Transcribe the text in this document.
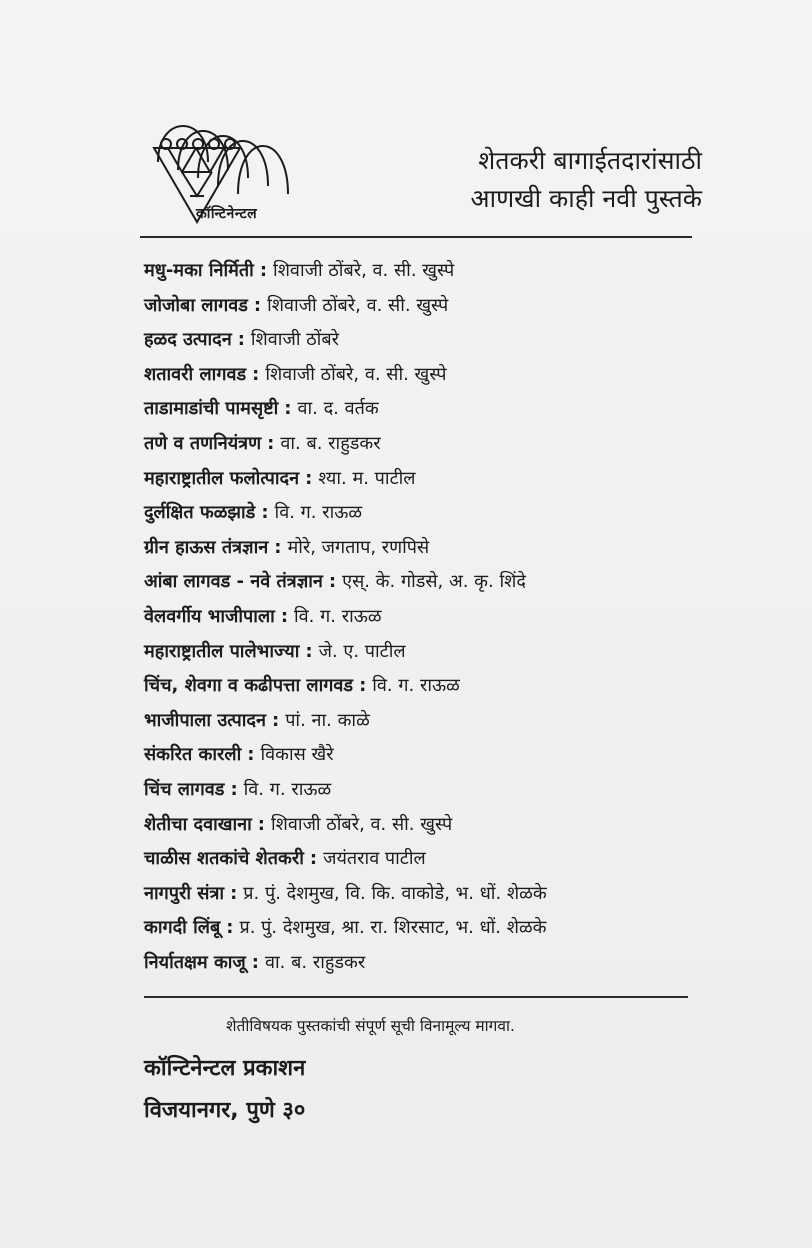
कॉन्टिनेन्टल
शेतकरी बागाईतदारांसाठी
आणखी काही नवी पुस्तके
मधु-मका निर्मिती : शिवाजी ठोंबरे, व. सी. खुस्पे
जोजोबा लागवड : शिवाजी ठोंबरे, व. सी. खुस्पे
हळद उत्पादन : शिवाजी ठोंबरे
शतावरी लागवड : शिवाजी ठोंबरे, व. सी. खुस्पे
ताडामाडांची पामसृष्टी : वा. द. वर्तक
तणे व तणनियंत्रण : वा. ब. राहुडकर
महाराष्ट्रातील फलोत्पादन : श्या. म. पाटील
दुर्लक्षित फळझाडे : वि. ग. राऊळ
ग्रीन हाऊस तंत्रज्ञान : मोरे, जगताप, रणपिसे
आंबा लागवड - नवे तंत्रज्ञान : एस्. के. गोडसे, अ. कृ. शिंदे
वेलवर्गीय भाजीपाला : वि. ग. राऊळ
महाराष्ट्रातील पालेभाज्या : जे. ए. पाटील
चिंच, शेवगा व कढीपत्ता लागवड : वि. ग. राऊळ
भाजीपाला उत्पादन : पां. ना. काळे
संकरित कारली : विकास खैरे
चिंच लागवड : वि. ग. राऊळ
शेतीचा दवाखाना : शिवाजी ठोंबरे, व. सी. खुस्पे
चाळीस शतकांचे शेतकरी : जयंतराव पाटील
नागपुरी संत्रा : प्र. पुं. देशमुख, वि. कि. वाकोडे, भ. धों. शेळके
कागदी लिंबू : प्र. पुं. देशमुख, श्रा. रा. शिरसाट, भ. धों. शेळके
निर्यातक्षम काजू : वा. ब. राहुडकर
शेतीविषयक पुस्तकांची संपूर्ण सूची विनामूल्य मागवा.
कॉन्टिनेन्टल प्रकाशन
विजयानगर, पुणे ३०
